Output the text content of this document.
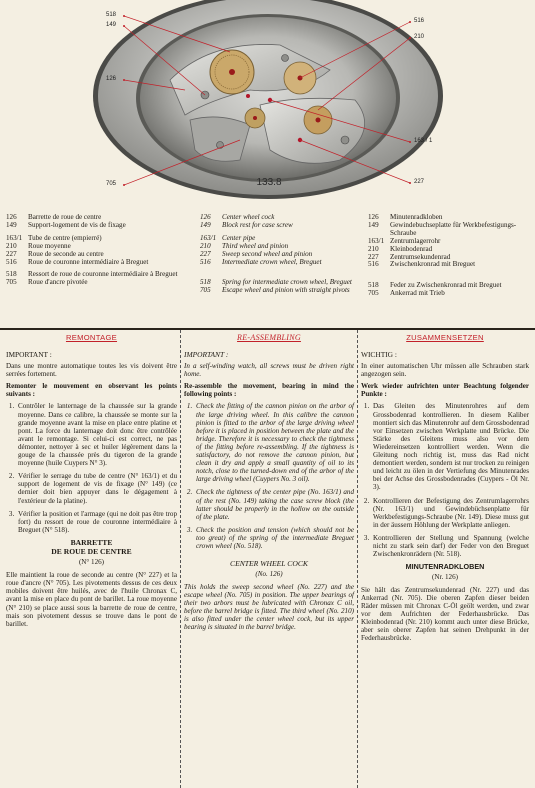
133.8
518
149
126
705
516
210
163 / 1
227
126	Barrette de roue de centre
149	Support-logement de vis de fixage
163/1 Tube de centre (empierré)
210	Roue moyenne
227	Roue de seconde au centre
516	Roue de couronne intermédiaire à Breguet
518	Ressort de roue de couronne intermédiaire à Breguet
705	Roue d'ancre pivotée
126	Center wheel cock
149	Block rest for case screw
163/1 Center pipe
210	Third wheel and pinion
227	Sweep second wheel and pinion
516	Intermediate crown wheel, Breguet
518	Spring for intermediate crown wheel, Breguet
705	Escape wheel and pinion with straight pivots
126	Minutenradkloben
149	Gewindebuchseplatte für Werkbefestigungs-Schraube
163/1 Zentrumlagerrohr
210	Kleinbodenrad
227	Zentrumsekundenrad
516	Zwischenkronrad mit Breguet
518	Feder zu Zwischenkronrad mit Breguet
705	Ankerrad mit Trieb
REMONTAGE
IMPORTANT :

Dans une montre automatique toutes les vis doivent être serrées fortement.

Remonter le mouvement en observant les points suivants :

1. Contrôler le lanternage de la chaussée sur la grande moyenne. Dans ce calibre, la chaussée se monte sur la grande moyenne avant la mise en place entre platine et pont. La force du lanternage doit donc être contrôlée avant le remontage. Si celui-ci est correct, ne pas démonter, nettoyer à sec et huiler légèrement dans la gouge de la chaussée près du tigeron de la grande moyenne (huile Cuypers N° 3).
2. Vérifier le serrage du tube de centre (N° 163/1) et du support de logement de vis de fixage (N° 149) (ce dernier doit bien appuyer dans le dégagement à l'extérieur de la platine).
3. Vérifier la position et l'armage (qui ne doit pas être trop fort) du ressort de roue de couronne intermédiaire à Breguet (N° 518).
BARRETTE
DE ROUE DE CENTRE
(N° 126)

Elle maintient la roue de seconde au centre (N° 227) et la roue d'ancre (N° 705). Les pivotements dessus de ces deux mobiles doivent être huilés, avec de l'huile Chronax C, avant la mise en place du pont de barillet. La roue moyenne (N° 210) se place aussi sous la barrette de roue de centre, mais son pivotement dessus se trouve dans le pont de barillet.

RE-ASSEMBLING
IMPORTANT :

In a self-winding watch, all screws must be driven right home.

Re-assemble the movement, bearing in mind the following points :

1. Check the fitting of the cannon pinion on the arbor of the large driving wheel. In this calibre the cannon pinion is fitted to the arbor of the large driving wheel before it is placed in position between the plate and the bridge. Therefore it is necessary to check the tightness of the fitting before re-assembling. If the tightness is satisfactory, do not remove the cannon pinion, but clean it dry and apply a small quantity of oil to its notch, close to the turned-down end of the arbor of the large driving wheel (Cuypers No. 3 oil).
2. Check the tightness of the center pipe (No. 163/1) and of the rest (No. 149) taking the case screw block (the latter should be properly in the hollow on the outside of the plate.
3. Check the position and tension (which should not be too great) of the spring of the intermediate Breguet crown wheel (No. 518).
CENTER WHEEL COCK
(No. 126)

This holds the sweep second wheel (No. 227) and the escape wheel (No. 705) in position. The upper bearings of their two arbors must be lubricated with Chronax C oil, before the barrel bridge is fitted. The third wheel (No. 210) is also fitted under the center wheel cock, but its upper bearing is situated in the barrel bridge.

ZUSAMMENSETZEN
WICHTIG :

In einer automatischen Uhr müssen alle Schrauben stark angezogen sein.

Werk wieder aufrichten unter Beachtung folgender Punkte :

1. Das Gleiten des Minutenrohres auf dem Grossbodenrad kontrollieren. In diesem Kaliber montiert sich das Minutenrohr auf dem Grossbodenrad vor Einsetzen zwischen Werkplatte und Brücke. Die Stärke des Gleitens muss also vor dem Wiedereinsetzen kontrolliert werden. Wenn die Gleitung noch richtig ist, muss das Rad nicht demontiert werden, sondern ist nur trocken zu reinigen und leicht zu ölen in der Vertiefung des Minutenrades bei der Achse des Grossbodenrades (Cuypers - Öl Nr. 3).
2. Kontrollieren der Befestigung des Zentrumlagerrohrs (Nr. 163/1) und Gewindebüchsenplatte für Werkbefestigungs-Schraube (Nr. 149). Diese muss gut in der äussern Höhlung der Werkplatte anliegen.
3. Kontrollieren der Stellung und Spannung (welche nicht zu stark sein darf) der Feder von den Breguet Zwischenkronrädern (Nr. 518).
MINUTENRADKLOBEN
(Nr. 126)

Sie hält das Zentrumsekundenrad (Nr. 227) und das Ankerrad (Nr. 705). Die oberen Zapfen dieser beiden Räder müssen mit Chronax C-Öl geölt werden, und zwar vor dem Aufrichten der Federhausbrücke. Das Kleinbodenrad (Nr. 210) kommt auch unter diese Brücke, aber sein oberer Zapfen hat seinen Drehpunkt in der Federhausbrücke.
